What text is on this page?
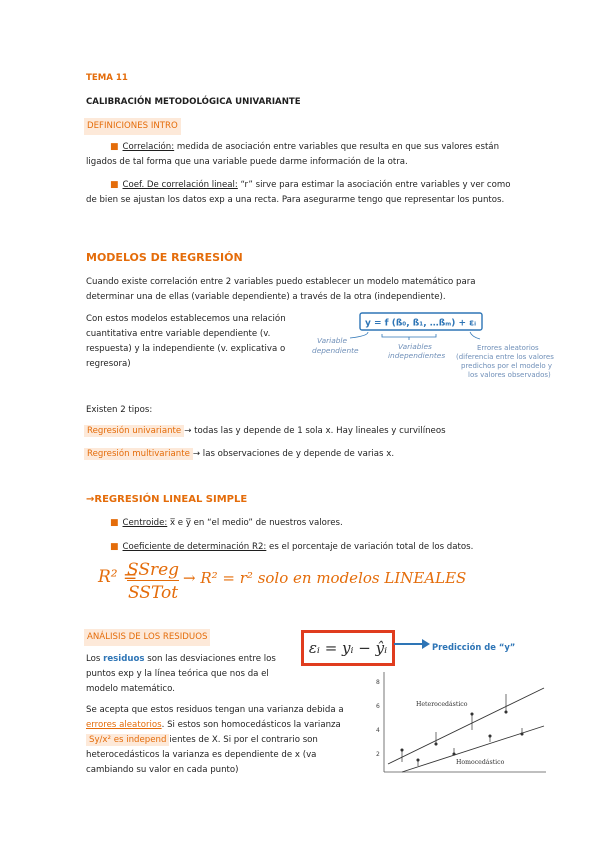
TEMA 11
CALIBRACIÓN METODOLÓGICA UNIVARIANTE
DEFINICIONES INTRO

■ Correlación: medida de asociación entre variables que resulta en que sus valores están ligados de tal forma que una variable puede darme información de la otra.

■ Coef. De correlación lineal: “r” sirve para estimar la asociación entre variables y ver como de bien se ajustan los datos exp a una recta. Para asegurarme tengo que representar los puntos.

MODELOS DE REGRESIÓN
Cuando existe correlación entre 2 variables puedo establecer un modelo matemático para determinar una de ellas (variable dependiente) a través de la otra (independiente).
Con estos modelos establecemos una relación cuantitativa entre variable dependiente (v. respuesta) y la independiente (v. explicativa o regresora)
y = f (ß₀, ß₁, …ßₘ) + εᵢ
Variable
dependiente	Variables
independientes
Errores aleatorios
(diferencia entre los valores
predichos por el modelo y
los valores observados)
Existen 2 tipos:
Regresión univariante → todas las y depende de 1 sola x. Hay lineales y curvilíneos
Regresión multivariante → las observaciones de y depende de varias x.
→REGRESIÓN LINEAL SIMPLE
■ Centroide: x̅ e y̅ en “el medio” de nuestros valores.
■ Coeficiente de determinación R2: es el porcentaje de variación total de los datos.
R² =
SSreg
SSTot
→ R² = r² solo en modelos LINEALES
ANÁLISIS DE LOS RESIDUOS
Los residuos son las desviaciones entre los puntos exp y la línea teórica que nos da el modelo matemático.
Se acepta que estos residuos tengan una varianza debida a errores aleatorios. Si estos son homocedásticos la varianza Sy/x² es independ ientes de X. Si por el contrario son heterocedásticos la varianza es dependiente de x (va cambiando su valor en cada punto)
εᵢ = yᵢ − ŷᵢ	Predicción de “y”
8
6
4
2
Heterocedástico
Homocedástico
